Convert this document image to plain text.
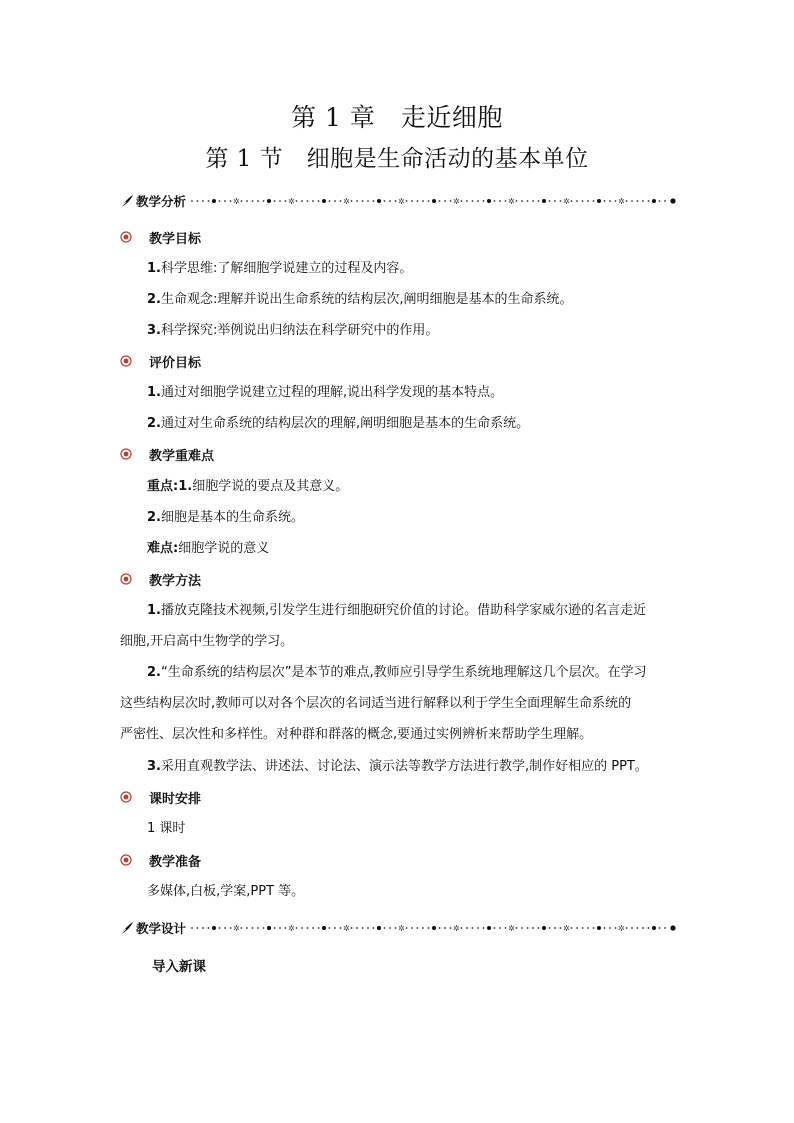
第 1 章　走近细胞
第 1 节　细胞是生命活动的基本单位
教学分析	✲	✲	✲	✲	✲	✲	✲	✲
教学目标
1.科学思维:了解细胞学说建立的过程及内容。
2.生命观念:理解并说出生命系统的结构层次,阐明细胞是基本的生命系统。
3.科学探究:举例说出归纳法在科学研究中的作用。
评价目标
1.通过对细胞学说建立过程的理解,说出科学发现的基本特点。
2.通过对生命系统的结构层次的理解,阐明细胞是基本的生命系统。
教学重难点
重点:1.细胞学说的要点及其意义。
2.细胞是基本的生命系统。
难点:细胞学说的意义
教学方法
1.播放克隆技术视频,引发学生进行细胞研究价值的讨论。借助科学家威尔逊的名言走近
细胞,开启高中生物学的学习。
2.“生命系统的结构层次”是本节的难点,教师应引导学生系统地理解这几个层次。在学习
这些结构层次时,教师可以对各个层次的名词适当进行解释以利于学生全面理解生命系统的
严密性、层次性和多样性。对种群和群落的概念,要通过实例辨析来帮助学生理解。
3.采用直观教学法、讲述法、讨论法、演示法等教学方法进行教学,制作好相应的 PPT。
课时安排
1 课时
教学准备
多媒体,白板,学案,PPT 等。
教学设计	✲	✲	✲	✲	✲	✲	✲	✲
导入新课
